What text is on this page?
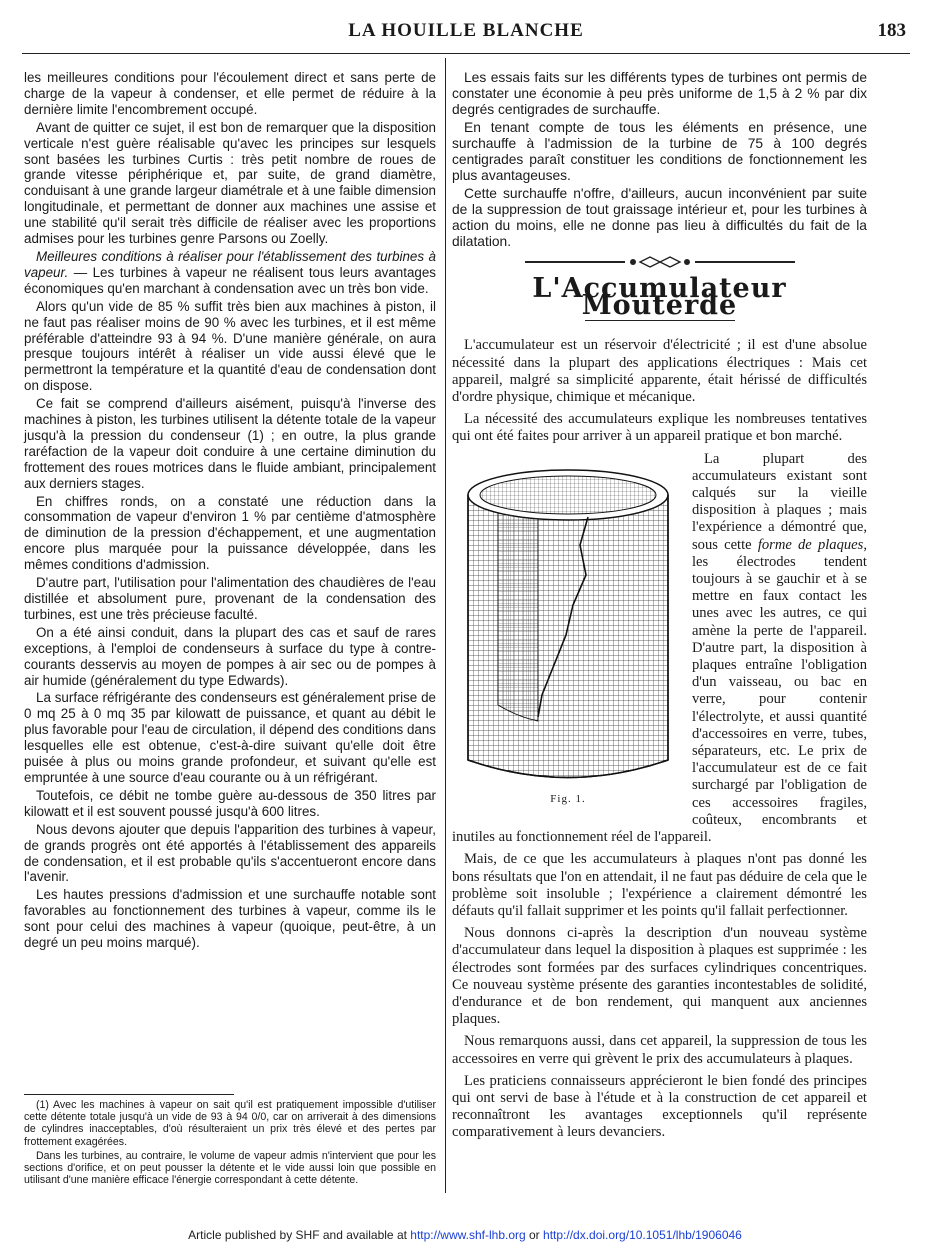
LA HOUILLE BLANCHE	183

les meilleures conditions pour l'écoulement direct et sans perte de charge de la vapeur à condenser, et elle permet de réduire à la dernière limite l'encombrement occupé.

Avant de quitter ce sujet, il est bon de remarquer que la disposition verticale n'est guère réalisable qu'avec les principes sur lesquels sont basées les turbines Curtis : très petit nombre de roues de grande vitesse périphérique et, par suite, de grand diamètre, conduisant à une grande largeur diamétrale et à une faible dimension longitudinale, et permettant de donner aux machines une assise et une stabilité qu'il serait très difficile de réaliser avec les proportions admises pour les turbines genre Parsons ou Zoelly.

Meilleures conditions à réaliser pour l'établissement des turbines à vapeur. — Les turbines à vapeur ne réalisent tous leurs avantages économiques qu'en marchant à condensation avec un très bon vide.

Alors qu'un vide de 85 % suffit très bien aux machines à piston, il ne faut pas réaliser moins de 90 % avec les turbines, et il est même préférable d'atteindre 93 à 94 %. D'une manière générale, on aura presque toujours intérêt à réaliser un vide aussi élevé que le permettront la température et la quantité d'eau de condensation dont on dispose.

Ce fait se comprend d'ailleurs aisément, puisqu'à l'inverse des machines à piston, les turbines utilisent la détente totale de la vapeur jusqu'à la pression du condenseur (1) ; en outre, la plus grande raréfaction de la vapeur doit conduire à une certaine diminution du frottement des roues motrices dans le fluide ambiant, principalement aux derniers stages.

En chiffres ronds, on a constaté une réduction dans la consommation de vapeur d'environ 1 % par centième d'atmosphère de diminution de la pression d'échappement, et une augmentation encore plus marquée pour la puissance développée, dans les mêmes conditions d'admission.

D'autre part, l'utilisation pour l'alimentation des chaudières de l'eau distillée et absolument pure, provenant de la condensation des turbines, est une très précieuse faculté.

On a été ainsi conduit, dans la plupart des cas et sauf de rares exceptions, à l'emploi de condenseurs à surface du type à contre-courants desservis au moyen de pompes à air sec ou de pompes à air humide (généralement du type Edwards).

La surface réfrigérante des condenseurs est généralement prise de 0 mq 25 à 0 mq 35 par kilowatt de puissance, et quant au débit le plus favorable pour l'eau de circulation, il dépend des conditions dans lesquelles elle est obtenue, c'est-à-dire suivant qu'elle doit être puisée à plus ou moins grande profondeur, et suivant qu'elle est empruntée à une source d'eau courante ou à un réfrigérant.

Toutefois, ce débit ne tombe guère au-dessous de 350 litres par kilowatt et il est souvent poussé jusqu'à 600 litres.

Nous devons ajouter que depuis l'apparition des turbines à vapeur, de grands progrès ont été apportés à l'établissement des appareils de condensation, et il est probable qu'ils s'accentueront encore dans l'avenir.

Les hautes pressions d'admission et une surchauffe notable sont favorables au fonctionnement des turbines à vapeur, comme ils le sont pour celui des machines à vapeur (quoique, peut-être, à un degré un peu moins marqué).

(1) Avec les machines à vapeur on sait qu'il est pratiquement impossible d'utiliser cette détente totale jusqu'à un vide de 93 à 94 0/0, car on arriverait à des dimensions de cylindres inacceptables, d'où résulteraient un prix très élevé et des pertes par frottement exagérées.

Dans les turbines, au contraire, le volume de vapeur admis n'intervient que pour les sections d'orifice, et on peut pousser la détente et le vide aussi loin que possible en utilisant d'une manière efficace l'énergie correspondant à cette détente.

Les essais faits sur les différents types de turbines ont permis de constater une économie à peu près uniforme de 1,5 à 2 % par dix degrés centigrades de surchauffe.

En tenant compte de tous les éléments en présence, une surchauffe à l'admission de la turbine de 75 à 100 degrés centigrades paraît constituer les conditions de fonctionnement les plus avantageuses.

Cette surchauffe n'offre, d'ailleurs, aucun inconvénient par suite de la suppression de tout graissage intérieur et, pour les turbines à action du moins, elle ne donne pas lieu à difficultés du fait de la dilatation.

L'Accumulateur Mouterde

L'accumulateur est un réservoir d'électricité ; il est d'une absolue nécessité dans la plupart des applications électriques : Mais cet appareil, malgré sa simplicité apparente, était hérissé de difficultés d'ordre physique, chimique et mécanique.

La nécessité des accumulateurs explique les nombreuses tentatives qui ont été faites pour arriver à un appareil pratique et bon marché.

Fig. 1.

La plupart des accumulateurs existant sont calqués sur la vieille disposition à plaques ; mais l'expérience a démontré que, sous cette forme de plaques, les électrodes tendent toujours à se gauchir et à se mettre en faux contact les unes avec les autres, ce qui amène la perte de l'appareil. D'autre part, la disposition à plaques entraîne l'obligation d'un vaisseau, ou bac en verre, pour contenir l'électrolyte, et aussi quantité d'accessoires en verre, tubes, séparateurs, etc. Le prix de l'accumulateur est de ce fait surchargé par l'obligation de ces accessoires fragiles, coûteux, encombrants et inutiles au fonctionnement réel de l'appareil.

Mais, de ce que les accumulateurs à plaques n'ont pas donné les bons résultats que l'on en attendait, il ne faut pas déduire de cela que le problème soit insoluble ; l'expérience a clairement démontré les défauts qu'il fallait supprimer et les points qu'il fallait perfectionner.

Nous donnons ci-après la description d'un nouveau système d'accumulateur dans lequel la disposition à plaques est supprimée : les électrodes sont formées par des surfaces cylindriques concentriques. Ce nouveau système présente des garanties incontestables de solidité, d'endurance et de bon rendement, qui manquent aux anciennes plaques.

Nous remarquons aussi, dans cet appareil, la suppression de tous les accessoires en verre qui grèvent le prix des accumulateurs à plaques.

Les praticiens connaisseurs apprécieront le bien fondé des principes qui ont servi de base à l'étude et à la construction de cet appareil et reconnaîtront les avantages exceptionnels qu'il représente comparativement à leurs devanciers.

Article published by SHF and available at http://www.shf-lhb.org or http://dx.doi.org/10.1051/lhb/1906046
